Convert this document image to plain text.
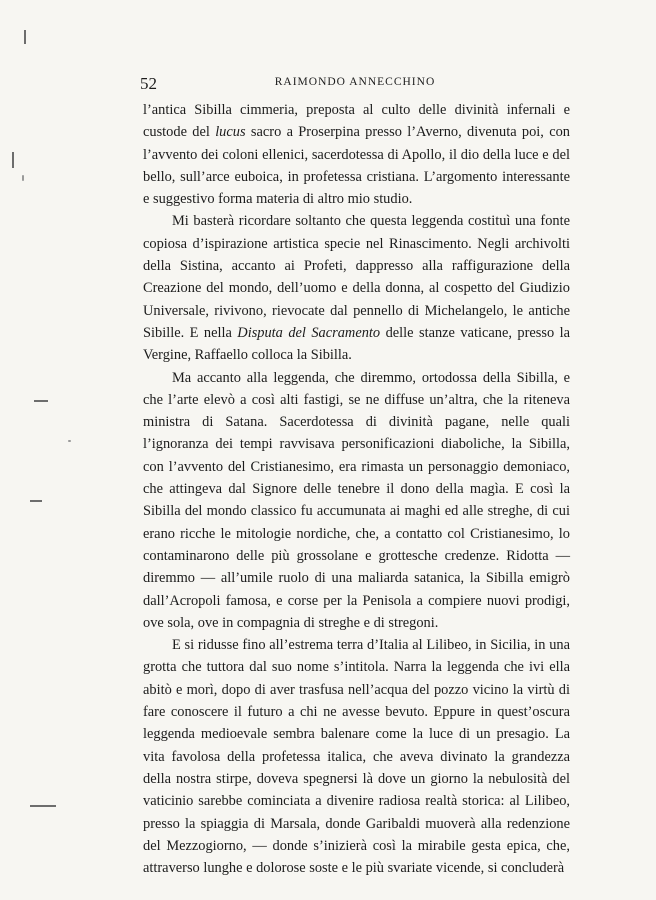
52	RAIMONDO ANNECCHINO

l’antica Sibilla cimmeria, preposta al culto delle divinità infernali e custode del lucus sacro a Proserpina presso l’Averno, divenuta poi, con l’avvento dei coloni ellenici, sacerdotessa di Apollo, il dio della luce e del bello, sull’arce euboica, in profetessa cristiana. L’argomento interessante e suggestivo forma materia di altro mio studio.

Mi basterà ricordare soltanto che questa leggenda costituì una fonte copiosa d’ispirazione artistica specie nel Rinascimento. Negli archivolti della Sistina, accanto ai Profeti, dappresso alla raffigurazione della Creazione del mondo, dell’uomo e della donna, al cospetto del Giudizio Universale, rivivono, rievocate dal pennello di Michelangelo, le antiche Sibille. E nella Disputa del Sacramento delle stanze vaticane, presso la Vergine, Raffaello colloca la Sibilla.

Ma accanto alla leggenda, che diremmo, ortodossa della Sibilla, e che l’arte elevò a così alti fastigi, se ne diffuse un’altra, che la riteneva ministra di Satana. Sacerdotessa di divinità pagane, nelle quali l’ignoranza dei tempi ravvisava personificazioni diaboliche, la Sibilla, con l’avvento del Cristianesimo, era rimasta un personaggio demoniaco, che attingeva dal Signore delle tenebre il dono della magìa. E così la Sibilla del mondo classico fu accumunata ai maghi ed alle streghe, di cui erano ricche le mitologie nordiche, che, a contatto col Cristianesimo, lo contaminarono delle più grossolane e grottesche credenze. Ridotta — diremmo — all’umile ruolo di una maliarda satanica, la Sibilla emigrò dall’Acropoli famosa, e corse per la Penisola a compiere nuovi prodigi, ove sola, ove in compagnia di streghe e di stregoni.

E si ridusse fino all’estrema terra d’Italia al Lilibeo, in Sicilia, in una grotta che tuttora dal suo nome s’intitola. Narra la leggenda che ivi ella abitò e morì, dopo di aver trasfusa nell’acqua del pozzo vicino la virtù di fare conoscere il futuro a chi ne avesse bevuto. Eppure in quest’oscura leggenda medioevale sembra balenare come la luce di un presagio. La vita favolosa della profetessa italica, che aveva divinato la grandezza della nostra stirpe, doveva spegnersi là dove un giorno la nebulosità del vaticinio sarebbe cominciata a divenire radiosa realtà storica: al Lilibeo, presso la spiaggia di Marsala, donde Garibaldi muoverà alla redenzione del Mezzogiorno, — donde s’inizierà così la mirabile gesta epica, che, attraverso lunghe e dolorose soste e le più svariate vicende, si concluderà
